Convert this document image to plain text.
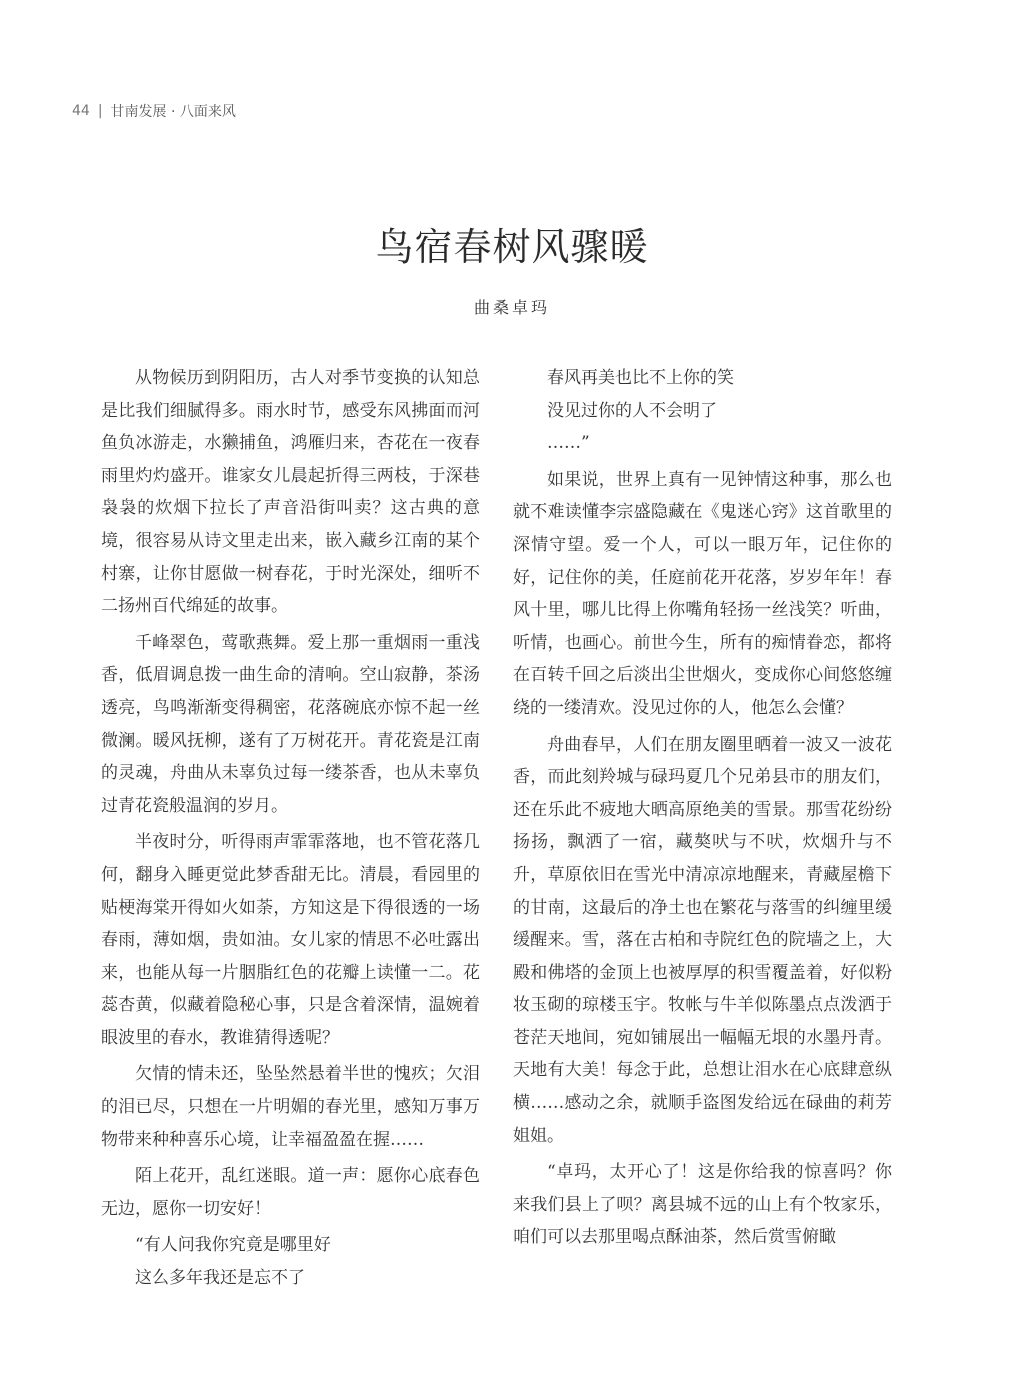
44 | 甘南发展 · 八面来风
鸟宿春树风骤暖
曲桑卓玛

从物候历到阴阳历，古人对季节变换的认知总是比我们细腻得多。雨水时节，感受东风拂面而河鱼负冰游走，水獭捕鱼，鸿雁归来，杏花在一夜春雨里灼灼盛开。谁家女儿晨起折得三两枝，于深巷袅袅的炊烟下拉长了声音沿街叫卖？这古典的意境，很容易从诗文里走出来，嵌入藏乡江南的某个村寨，让你甘愿做一树春花，于时光深处，细听不二扬州百代绵延的故事。

千峰翠色，莺歌燕舞。爱上那一重烟雨一重浅香，低眉调息拨一曲生命的清响。空山寂静，茶汤透亮，鸟鸣渐渐变得稠密，花落碗底亦惊不起一丝微澜。暖风抚柳，遂有了万树花开。青花瓷是江南的灵魂，舟曲从未辜负过每一缕茶香，也从未辜负过青花瓷般温润的岁月。

半夜时分，听得雨声霏霏落地，也不管花落几何，翻身入睡更觉此梦香甜无比。清晨，看园里的贴梗海棠开得如火如荼，方知这是下得很透的一场春雨，薄如烟，贵如油。女儿家的情思不必吐露出来，也能从每一片胭脂红色的花瓣上读懂一二。花蕊杏黄，似藏着隐秘心事，只是含着深情，温婉着眼波里的春水，教谁猜得透呢？

欠情的情未还，坠坠然悬着半世的愧疚；欠泪的泪已尽，只想在一片明媚的春光里，感知万事万物带来种种喜乐心境，让幸福盈盈在握……

陌上花开，乱红迷眼。道一声：愿你心底春色无边，愿你一切安好！

“有人问我你究竟是哪里好

这么多年我还是忘不了

春风再美也比不上你的笑

没见过你的人不会明了

……”

如果说，世界上真有一见钟情这种事，那么也就不难读懂李宗盛隐藏在《鬼迷心窍》这首歌里的深情守望。爱一个人，可以一眼万年，记住你的好，记住你的美，任庭前花开花落，岁岁年年！春风十里，哪儿比得上你嘴角轻扬一丝浅笑？听曲，听情，也画心。前世今生，所有的痴情眷恋，都将在百转千回之后淡出尘世烟火，变成你心间悠悠缠绕的一缕清欢。没见过你的人，他怎么会懂？

舟曲春早，人们在朋友圈里晒着一波又一波花香，而此刻羚城与碌玛夏几个兄弟县市的朋友们，还在乐此不疲地大晒高原绝美的雪景。那雪花纷纷扬扬，飘洒了一宿，藏獒吠与不吠，炊烟升与不升，草原依旧在雪光中清凉凉地醒来，青藏屋檐下的甘南，这最后的净土也在繁花与落雪的纠缠里缓缓醒来。雪，落在古柏和寺院红色的院墙之上，大殿和佛塔的金顶上也被厚厚的积雪覆盖着，好似粉妆玉砌的琼楼玉宇。牧帐与牛羊似陈墨点点泼洒于苍茫天地间，宛如铺展出一幅幅无垠的水墨丹青。天地有大美！每念于此，总想让泪水在心底肆意纵横……感动之余，就顺手盗图发给远在碌曲的莉芳姐姐。

“卓玛，太开心了！这是你给我的惊喜吗？你来我们县上了呗？离县城不远的山上有个牧家乐，咱们可以去那里喝点酥油茶，然后赏雪俯瞰
